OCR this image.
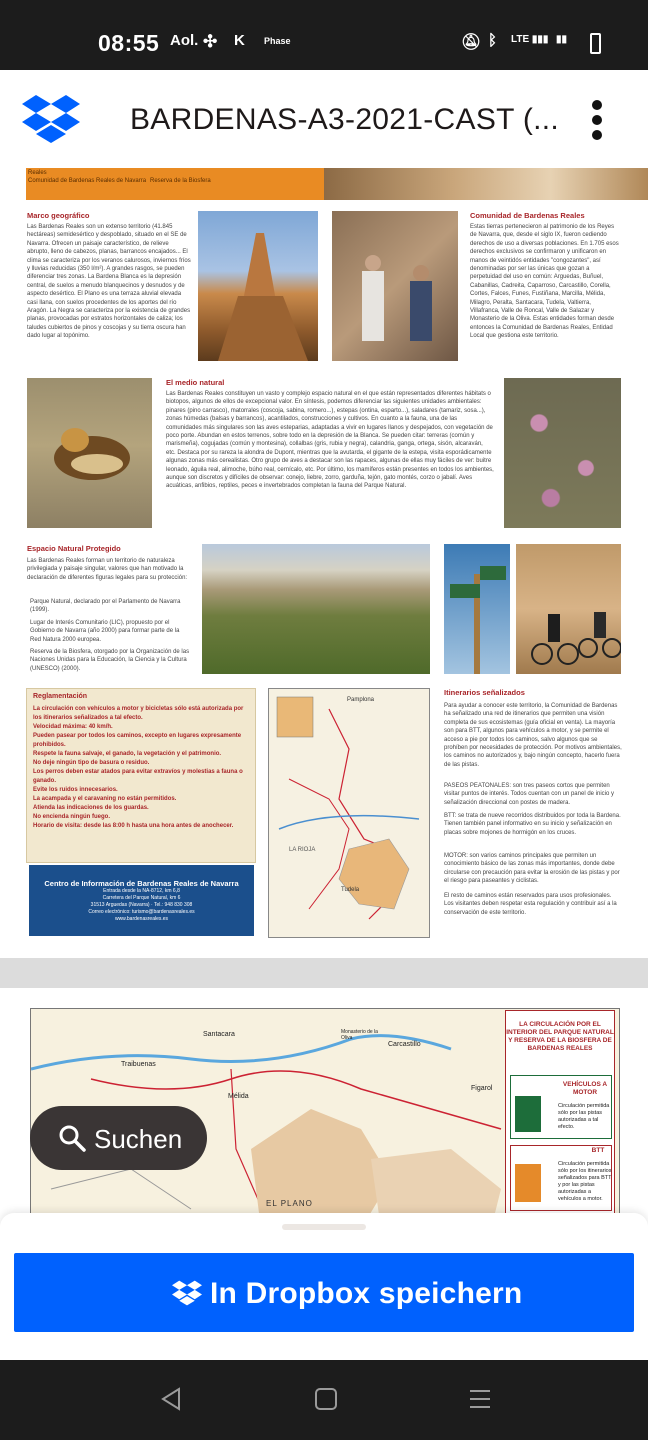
08:55 Aol. ✣ K Phase	🔕︎ ᛒ LTE ▮▮▮ ▮▮
BARDENAS-A3-2021-CAST (...
Reales
Comunidad de Bardenas Reales de Navarra Reserva de la Biosfera
Marco geográfico
Las Bardenas Reales son un extenso territorio (41.845 hectáreas) semidesértico y despoblado, situado en el SE de Navarra. Ofrecen un paisaje característico, de relieve abrupto, lleno de cabezos, planas, barrancos encajados... El clima se caracteriza por los veranos calurosos, inviernos fríos y lluvias reducidas (350 l/m²). A grandes rasgos, se pueden diferenciar tres zonas. La Bardena Blanca es la depresión central, de suelos a menudo blanquecinos y desnudos y de aspecto desértico. El Plano es una terraza aluvial elevada casi llana, con suelos procedentes de los aportes del río Aragón. La Negra se caracteriza por la existencia de grandes planas, provocadas por estratos horizontales de caliza; los taludes cubiertos de pinos y coscojas y su tierra oscura han dado lugar al topónimo.
Comunidad de Bardenas Reales
Estas tierras pertenecieron al patrimonio de los Reyes de Navarra, que, desde el siglo IX, fueron cediendo derechos de uso a diversas poblaciones. En 1.705 esos derechos exclusivos se confirmaron y unificaron en manos de veintidós entidades "congozantes", así denominadas por ser las únicas que gozan a perpetuidad del uso en común: Arguedas, Buñuel, Cabanillas, Cadreita, Caparroso, Carcastillo, Corella, Cortes, Falces, Funes, Fustiñana, Marcilla, Mélida, Milagro, Peralta, Santacara, Tudela, Valtierra, Villafranca, Valle de Roncal, Valle de Salazar y Monasterio de la Oliva. Estas entidades forman desde entonces la Comunidad de Bardenas Reales, Entidad Local que gestiona este territorio.
El medio natural
Las Bardenas Reales constituyen un vasto y complejo espacio natural en el que están representados diferentes hábitats o biotopos, algunos de ellos de excepcional valor. En síntesis, podemos diferenciar las siguientes unidades ambientales: pinares (pino carrasco), matorrales (coscoja, sabina, romero...), estepas (ontina, esparto...), saladares (tamariz, sosa...), zonas húmedas (balsas y barrancos), acantilados, construcciones y cultivos. En cuanto a la fauna, una de las comunidades más singulares son las aves esteparias, adaptadas a vivir en lugares llanos y despejados, con vegetación de poco porte. Abundan en estos terrenos, sobre todo en la depresión de la Blanca. Se pueden citar: terreras (común y marismeña), cogujadas (común y montesina), collalbas (gris, rubia y negra), calandria, ganga, ortega, sisón, alcaraván, etc. Destaca por su rareza la alondra de Dupont, mientras que la avutarda, el gigante de la estepa, visita esporádicamente algunas zonas más cerealistas. Otro grupo de aves a destacar son las rapaces, algunas de ellas muy fáciles de ver: buitre leonado, águila real, alimoche, búho real, cernícalo, etc. Por último, los mamíferos están presentes en todos los ambientes, aunque son discretos y difíciles de observar: conejo, liebre, zorro, garduña, tejón, gato montés, corzo o jabalí. Aves acuáticas, anfibios, reptiles, peces e invertebrados completan la fauna del Parque Natural.
Espacio Natural Protegido
Las Bardenas Reales forman un territorio de naturaleza privilegiada y paisaje singular, valores que han motivado la declaración de diferentes figuras legales para su protección:
Parque Natural, declarado por el Parlamento de Navarra (1999).
Lugar de Interés Comunitario (LIC), propuesto por el Gobierno de Navarra (año 2000) para formar parte de la Red Natura 2000 europea.
Reserva de la Biosfera, otorgado por la Organización de las Naciones Unidas para la Educación, la Ciencia y la Cultura (UNESCO) (2000).
Reglamentación
La circulación con vehículos a motor y bicicletas sólo está autorizada por los itinerarios señalizados a tal efecto.
Velocidad máxima: 40 km/h.
Pueden pasear por todos los caminos, excepto en lugares expresamente prohibidos.
Respete la fauna salvaje, el ganado, la vegetación y el patrimonio.
No deje ningún tipo de basura o residuo.
Los perros deben estar atados para evitar extravíos y molestias a fauna o ganado.
Evite los ruidos innecesarios.
La acampada y el caravaning no están permitidos.
Atienda las indicaciones de los guardas.
No encienda ningún fuego.
Horario de visita: desde las 8:00 h hasta una hora antes de anochecer.
Centro de Información de Bardenas Reales de Navarra
Entrada desde la NA-8712, km 6,8
Carretera del Parque Natural, km 6
31513 Arguedas (Navarra) · Tel.: 948 830 308
Correo electrónico: turismo@bardenasreales.es
www.bardenasreales.es
Pamplona
LA RIOJA
Tudela
Itinerarios señalizados
Para ayudar a conocer este territorio, la Comunidad de Bardenas ha señalizado una red de itinerarios que permiten una visión completa de sus ecosistemas (guía oficial en venta). La mayoría son para BTT, algunos para vehículos a motor, y se permite el acceso a pie por todos los caminos, salvo algunos que se prohíben por necesidades de protección. Por motivos ambientales, los caminos no autorizados y, bajo ningún concepto, hacerlo fuera de las pistas.
PASEOS PEATONALES: son tres paseos cortos que permiten visitar puntos de interés. Todos cuentan con un panel de inicio y señalización direccional con postes de madera.
BTT: se trata de nueve recorridos distribuidos por toda la Bardena. Tienen también panel informativo en su inicio y señalización en placas sobre mojones de hormigón en los cruces.
MOTOR: son varios caminos principales que permiten un conocimiento básico de las zonas más importantes, donde debe circularse con precaución para evitar la erosión de las pistas y por el riesgo para paseantes y ciclistas.
El resto de caminos están reservados para usos profesionales. Los visitantes deben respetar esta regulación y contribuir así a la conservación de este territorio.
Santacara
Carcastillo
Traibuenas
Mélida
Figarol
EL PLANO
Monasterio de la Oliva
LA CIRCULACIÓN POR EL INTERIOR DEL PARQUE NATURAL Y RESERVA DE LA BIOSFERA DE BARDENAS REALES
VEHÍCULOS A MOTOR
Circulación permitida sólo por las pistas autorizadas a tal efecto.
BTT
Circulación permitida sólo por los itinerarios señalizados para BTT y por las pistas autorizadas a vehículos a motor.
Suchen
In Dropbox speichern
